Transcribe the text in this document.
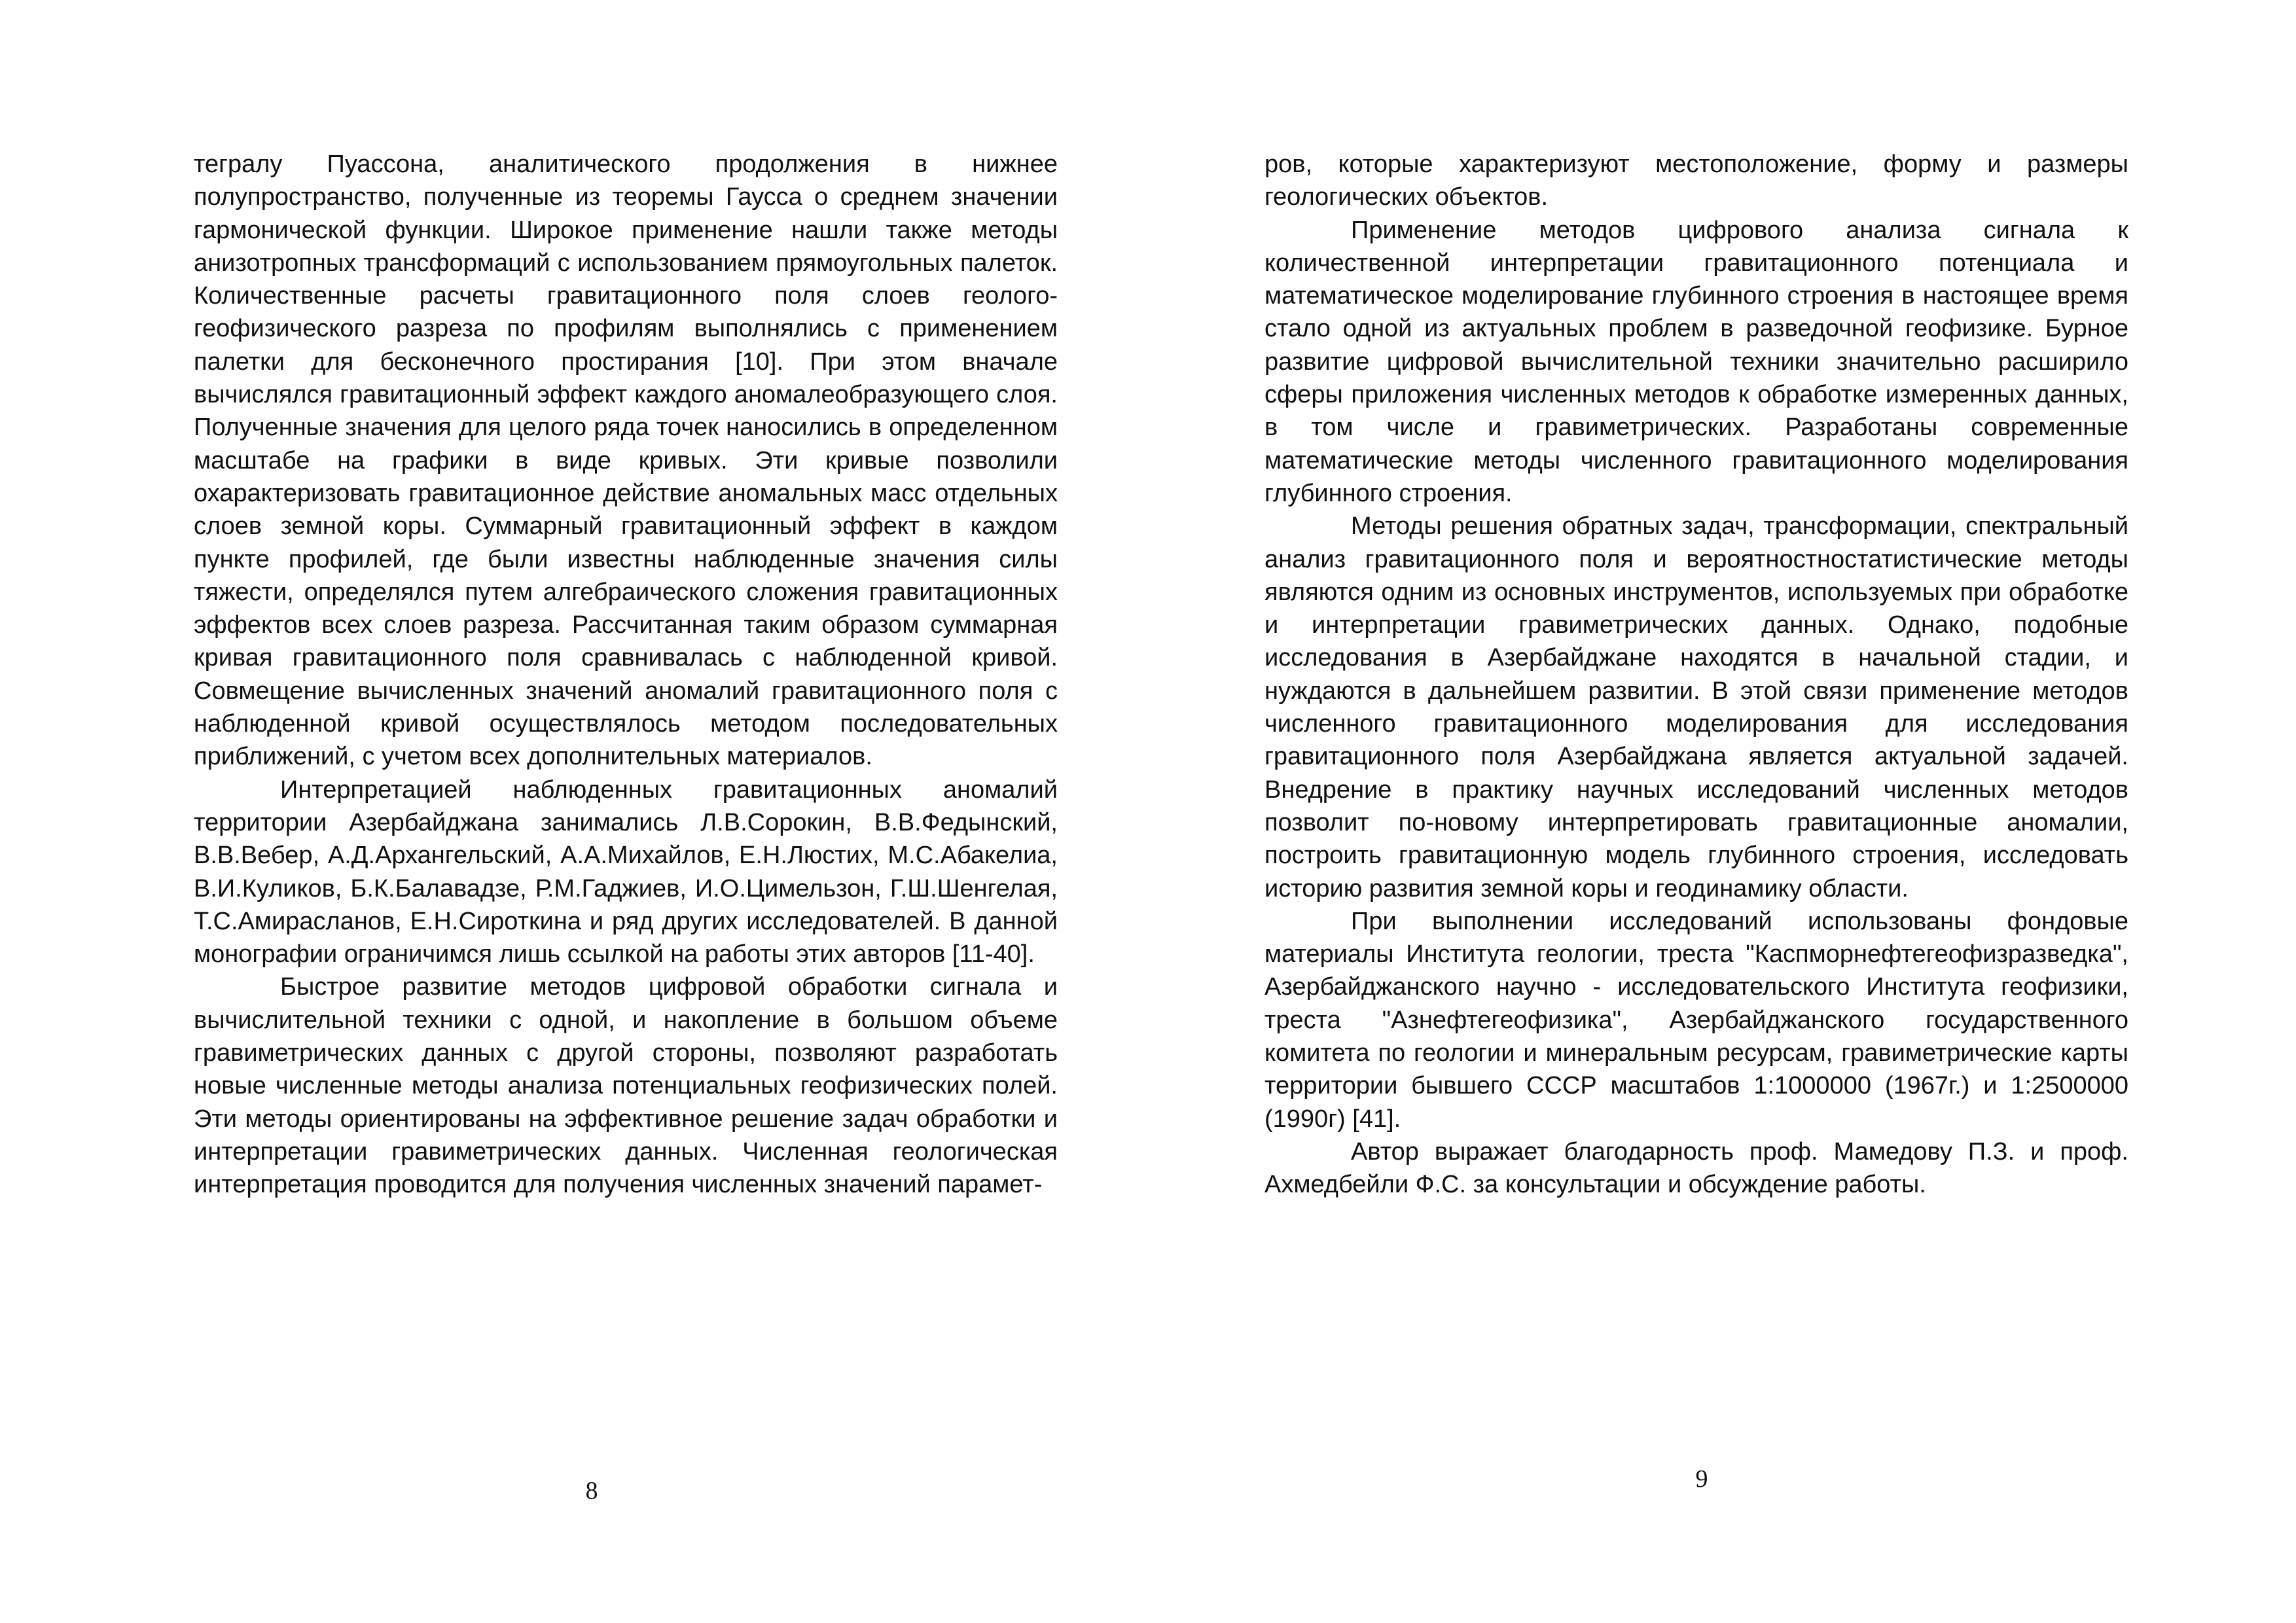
тегралу Пуассона, аналитического продолжения в нижнее полупространство, полученные из теоремы Гаусса о среднем значении гармонической функции. Широкое применение нашли также методы анизотропных трансформаций с использованием прямоугольных палеток. Количественные расчеты гравитационного поля слоев геолого-геофизического разреза по профилям выполнялись с применением палетки для бесконечного простирания [10]. При этом вначале вычислялся гравитационный эффект каждого аномалеобразующего слоя. Полученные значения для целого ряда точек наносились в определенном масштабе на графики в виде кривых. Эти кривые позволили охарактеризовать гравитационное действие аномальных масс отдельных слоев земной коры. Суммарный гравитационный эффект в каждом пункте профилей, где были известны наблюденные значения силы тяжести, определялся путем алгебраического сложения гравитационных эффектов всех слоев разреза. Рассчитанная таким образом суммарная кривая гравитационного поля сравнивалась с наблюденной кривой. Совмещение вычисленных значений аномалий гравитационного поля с наблюденной кривой осуществлялось методом последовательных приближений, с учетом всех дополнительных материалов.

Интерпретацией наблюденных гравитационных аномалий территории Азербайджана занимались Л.В.Сорокин, В.В.Федынский, В.В.Вебер, А.Д.Архангельский, А.А.Михайлов, Е.Н.Люстих, М.С.Абакелиа, В.И.Куликов, Б.К.Балавадзе, Р.М.Гаджиев, И.О.Цимельзон, Г.Ш.Шенгелая, Т.С.Амирасланов, Е.Н.Сироткина и ряд других исследователей. В данной монографии ограничимся лишь ссылкой на работы этих авторов [11-40].

Быстрое развитие методов цифровой обработки сигнала и вычислительной техники с одной, и накопление в большом объеме гравиметрических данных с другой стороны, позволяют разработать новые численные методы анализа потенциальных геофизических полей. Эти методы ориентированы на эффективное решение задач обработки и интерпретации гравиметрических данных. Численная геологическая интерпретация проводится для получения численных значений парамет-

8

ров, которые характеризуют местоположение, форму и размеры геологических объектов.

Применение методов цифрового анализа сигнала к количественной интерпретации гравитационного потенциала и математическое моделирование глубинного строения в настоящее время стало одной из актуальных проблем в разведочной геофизике. Бурное развитие цифровой вычислительной техники значительно расширило сферы приложения численных методов к обработке измеренных данных, в том числе и гравиметрических. Разработаны современные математические методы численного гравитационного моделирования глубинного строения.

Методы решения обратных задач, трансформации, спектральный анализ гравитационного поля и вероятностностатистические методы являются одним из основных инструментов, используемых при обработке и интерпретации гравиметрических данных. Однако, подобные исследования в Азербайджане находятся в начальной стадии, и нуждаются в дальнейшем развитии. В этой связи применение методов численного гравитационного моделирования для исследования гравитационного поля Азербайджана является актуальной задачей. Внедрение в практику научных исследований численных методов позволит по-новому интерпретировать гравитационные аномалии, построить гравитационную модель глубинного строения, исследовать историю развития земной коры и геодинамику области.

При выполнении исследований использованы фондовые материалы Института геологии, треста "Каспморнефтегеофизразведка", Азербайджанского научно - исследовательского Института геофизики, треста "Азнефтегеофизика", Азербайджанского государственного комитета по геологии и минеральным ресурсам, гравиметрические карты территории бывшего СССР масштабов 1:1000000 (1967г.) и 1:2500000 (1990г) [41].

Автор выражает благодарность проф. Мамедову П.З. и проф. Ахмедбейли Ф.С. за консультации и обсуждение работы.

9
